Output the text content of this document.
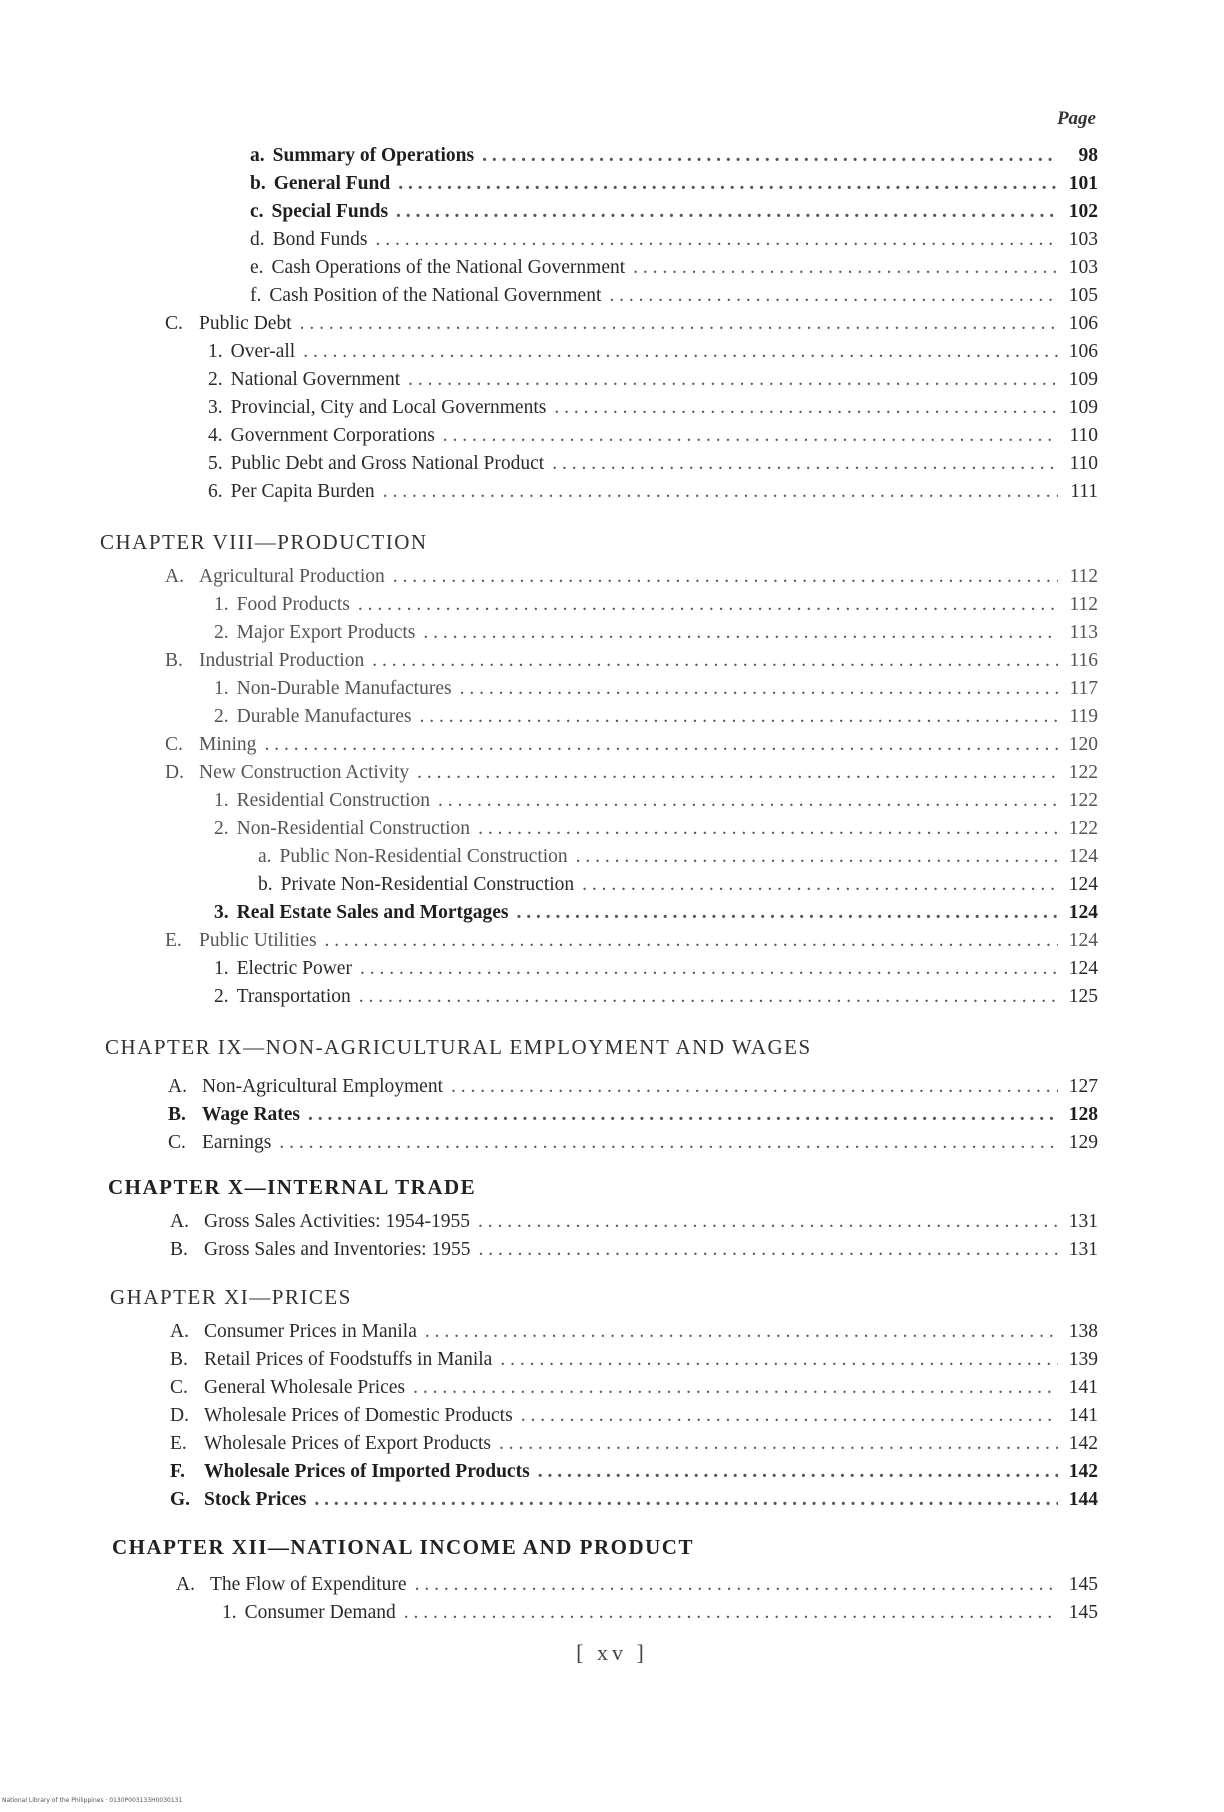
Page
a. Summary of Operations . . .	98
b. General Fund . . .	101
c. Special Funds . . .	102
d. Bond Funds . . .	103
e. Cash Operations of the National Government . . .	103
f. Cash Position of the National Government . . .	105
C. Public Debt . . .	106
1. Over-all . . .	106
2. National Government . . .	109
3. Provincial, City and Local Governments . . .	109
4. Government Corporations . . .	110
5. Public Debt and Gross National Product . . .	110
6. Per Capita Burden . . .	111
A. Agricultural Production . . .	112
1. Food Products . . .	112
2. Major Export Products . . .	113
B. Industrial Production . . .	116
1. Non-Durable Manufactures . . .	117
2. Durable Manufactures . . .	119
C. Mining . . .	120
D. New Construction Activity . . .	122
1. Residential Construction . . .	122
2. Non-Residential Construction . . .	122
a. Public Non-Residential Construction . . .	124
b. Private Non-Residential Construction . . .	124
3. Real Estate Sales and Mortgages . . .	124
E. Public Utilities . . .	124
1. Electric Power . . .	124
2. Transportation . . .	125
A. Non-Agricultural Employment . . .	127
B. Wage Rates . . .	128
C. Earnings . . .	129
A. Gross Sales Activities: 1954-1955 . . .	131
B. Gross Sales and Inventories: 1955 . . .	131
A. Consumer Prices in Manila . . .	138
B. Retail Prices of Foodstuffs in Manila . . .	139
C. General Wholesale Prices . . .	141
D. Wholesale Prices of Domestic Products . . .	141
E. Wholesale Prices of Export Products . . .	142
F. Wholesale Prices of Imported Products . . .	142
G. Stock Prices . . .	144
A. The Flow of Expenditure . . .	145
1. Consumer Demand . . .	145
CHAPTER VIII—PRODUCTION
CHAPTER IX—NON-AGRICULTURAL EMPLOYMENT AND WAGES
CHAPTER X—INTERNAL TRADE
GHAPTER XI—PRICES
CHAPTER XII—NATIONAL INCOME AND PRODUCT
[ xv ]
National Library of the Philippines · 0130P003133H0030131
